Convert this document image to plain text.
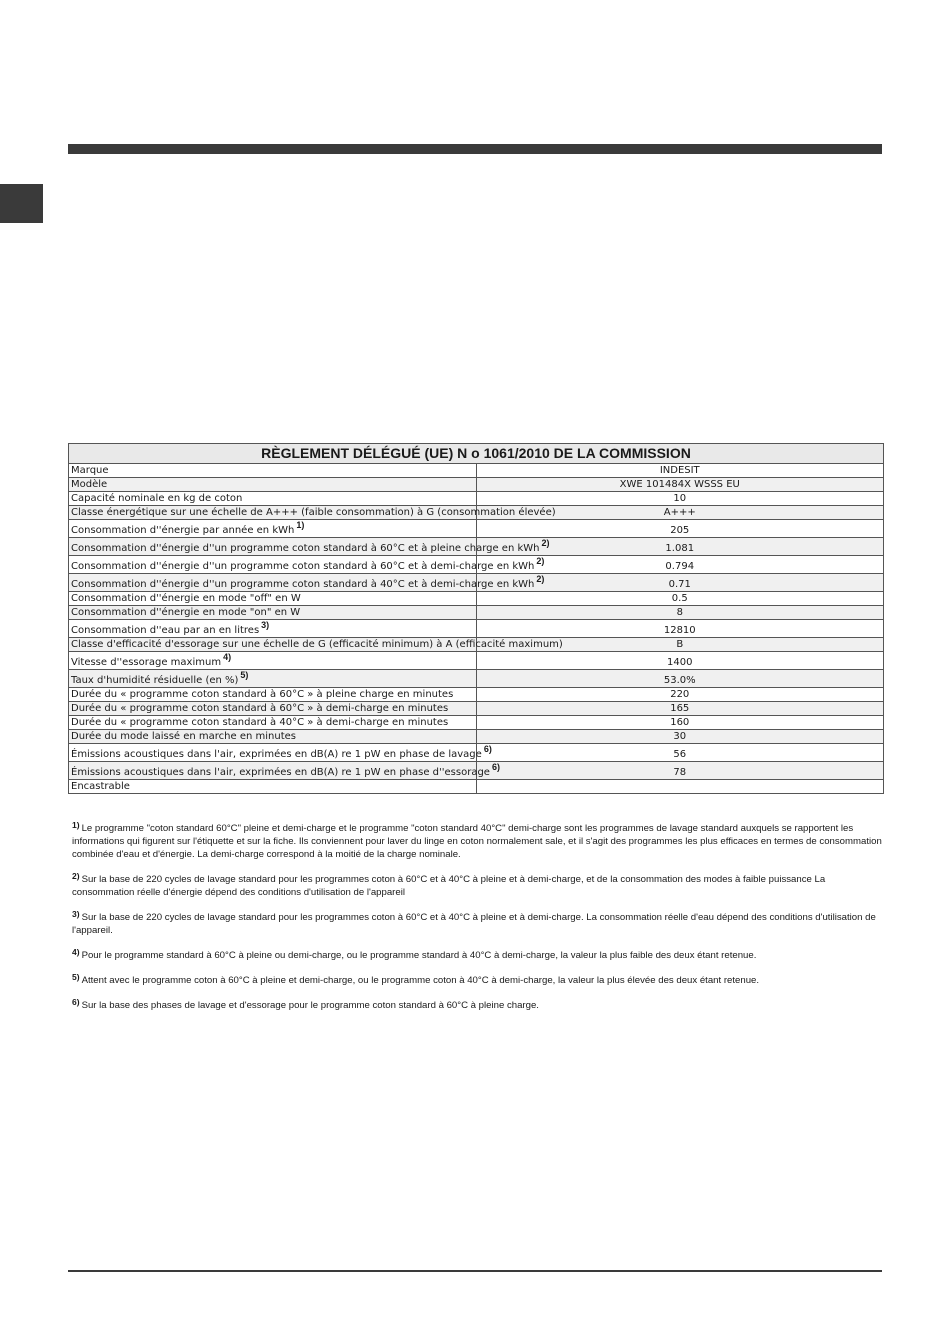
RÈGLEMENT DÉLÉGUÉ (UE) N o 1061/2010 DE LA COMMISSION	
Marque	INDESIT
Modèle	XWE 101484X WSSS EU
Capacité nominale en kg de coton	10
Classe énergétique sur une échelle de A+++ (faible consommation) à G (consommation élevée)	A+++
Consommation d''énergie par année en kWh $^{1)}$	205
Consommation d''énergie d''un programme coton standard à 60°C et à pleine charge en kWh $^{2)}$	1.081
Consommation d''énergie d''un programme coton standard à 60°C et à demi-charge en kWh $^{2)}$	0.794
Consommation d''énergie d''un programme coton standard à 40°C et à demi-charge en kWh $^{2)}$	0.71
Consommation d''énergie en mode "off" en W	0.5
Consommation d''énergie en mode "on" en W	8
Consommation d''eau par an en litres $^{3)}$	12810
Classe d'efficacité d'essorage sur une échelle de G (efficacité minimum) à A (efficacité maximum)	B
Vitesse d''essorage maximum $^{4)}$	1400
Taux d'humidité résiduelle (en %) $^{5)}$	53.0%
Durée du « programme coton standard à 60°C » à pleine charge en minutes	220
Durée du « programme coton standard à 60°C » à demi-charge en minutes	165
Durée du « programme coton standard à 40°C » à demi-charge en minutes	160
Durée du mode laissé en marche en minutes	30
Émissions acoustiques dans l'air, exprimées en dB(A) re 1 pW en phase de lavage $^{6)}$	56
Émissions acoustiques dans l'air, exprimées en dB(A) re 1 pW en phase d''essorage $^{6)}$	78
Encastrable	

$^{1)}$ Le programme "coton standard 60°C" pleine et demi-charge et le programme "coton standard 40°C" demi-charge sont les programmes de lavage standard auxquels se rapportent les informations qui figurent sur l'étiquette et sur la fiche. Ils conviennent pour laver du linge en coton normalement sale, et il s'agit des programmes les plus efficaces en termes de consommation combinée d'eau et d'énergie. La demi-charge correspond à la moitié de la charge nominale.

$^{2)}$ Sur la base de 220 cycles de lavage standard pour les programmes coton à 60°C et à 40°C à pleine et à demi-charge, et de la consommation des modes à faible puissance La consommation réelle d'énergie dépend des conditions d'utilisation de l'appareil

$^{3)}$ Sur la base de 220 cycles de lavage standard pour les programmes coton à 60°C et à 40°C à pleine et à demi-charge. La consommation réelle d'eau dépend des conditions d'utilisation de l'appareil.

$^{4)}$ Pour le programme standard à 60°C à pleine ou demi-charge, ou le programme standard à 40°C à demi-charge, la valeur la plus faible des deux étant retenue.

$^{5)}$ Attent avec le programme coton à 60°C à pleine et demi-charge, ou le programme coton à 40°C à demi-charge, la valeur la plus élevée des deux étant retenue.

$^{6)}$ Sur la base des phases de lavage et d'essorage pour le programme coton standard à 60°C à pleine charge.
